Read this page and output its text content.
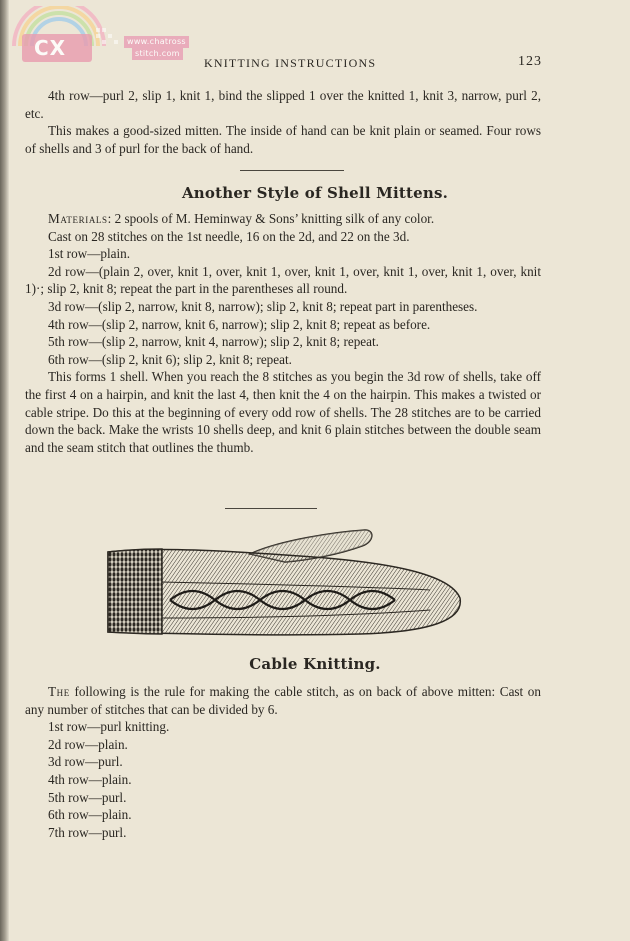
CX	www.chatross
stitch.com
KNITTING INSTRUCTIONS	123

4th row—purl 2, slip 1, knit 1, bind the slipped 1 over the knitted 1, knit 3, narrow, purl 2, etc.

This makes a good-sized mitten. The inside of hand can be knit plain or seamed. Four rows of shells and 3 of purl for the back of hand.

Another Style of Shell Mittens.

Materials: 2 spools of M. Heminway & Sons’ knitting silk of any color.

Cast on 28 stitches on the 1st needle, 16 on the 2d, and 22 on the 3d.

1st row—plain.

2d row—(plain 2, over, knit 1, over, knit 1, over, knit 1, over, knit 1, over, knit 1, over, knit 1)·; slip 2, knit 8; repeat the part in the parentheses all round.

3d row—(slip 2, narrow, knit 8, narrow); slip 2, knit 8; repeat part in parentheses.

4th row—(slip 2, narrow, knit 6, narrow); slip 2, knit 8; repeat as before.

5th row—(slip 2, narrow, knit 4, narrow); slip 2, knit 8; repeat.

6th row—(slip 2, knit 6); slip 2, knit 8; repeat.

This forms 1 shell. When you reach the 8 stitches as you begin the 3d row of shells, take off the first 4 on a hairpin, and knit the last 4, then knit the 4 on the hairpin. This makes a twisted or cable stripe. Do this at the beginning of every odd row of shells. The 28 stitches are to be carried down the back. Make the wrists 10 shells deep, and knit 6 plain stitches between the double seam and the seam stitch that outlines the thumb.

Cable Knitting.

The following is the rule for making the cable stitch, as on back of above mitten: Cast on any number of stitches that can be divided by 6.

1st row—purl knitting.

2d row—plain.

3d row—purl.

4th row—plain.

5th row—purl.

6th row—plain.

7th row—purl.
